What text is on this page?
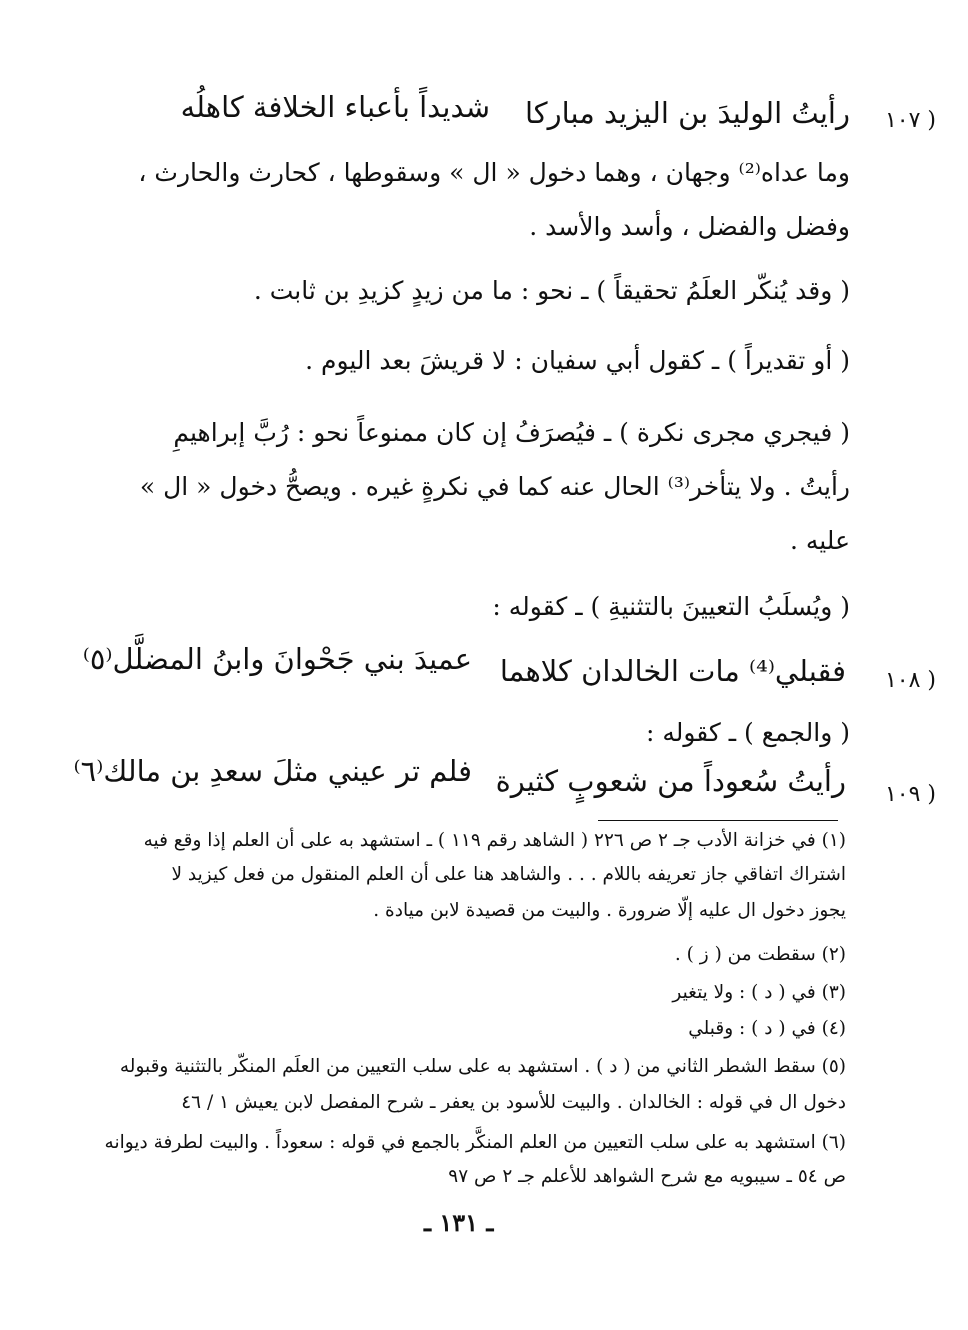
( ١٠٧
رأيتُ الوليدَ بن اليزيد مباركا
شديداً بأعباء الخلافة كاهلُه
وما عداه⁽²⁾ وجهان ، وهما دخول « ال » وسقوطها ، كحارث والحارث ،
وفضل والفضل ، وأسد والأسد .
( وقد يُنكّر العلَمُ تحقيقاً ) ـ نحو : ما من زيدٍ كزيدِ بن ثابت .
( أو تقديراً ) ـ كقول أبي سفيان : لا قريشَ بعد اليوم .
( فيجري مجرى نكرة ) ـ فيُصرَفُ إن كان ممنوعاً نحو : رُبَّ إبراهيمِ
رأيتُ . ولا يتأخر⁽³⁾ الحال عنه كما في نكرةٍ غيره . ويصحُّ دخول « ال »
عليه .
( ويُسلَبُ التعيينَ بالتثنيةِ ) ـ كقوله :
( ١٠٨
فقبلي⁽⁴⁾ مات الخالدان كلاهما
عميدَ بني جَحْوانَ وابنُ المضلَّل⁽٥⁾
( والجمع ) ـ كقوله :
( ١٠٩
رأيتُ سُعوداً من شعوبٍ كثيرة
فلم تر عيني مثلَ سعدِ بن مالك⁽٦⁾
(١) في خزانة الأدب جـ ٢ ص ٢٢٦ ( الشاهد رقم ١١٩ ) ـ استشهد به على أن العلم إذا وقع فيه
اشتراك اتفاقي جاز تعريفه باللام . . . والشاهد هنا على أن العلم المنقول من فعل كيزيد لا
يجوز دخول ال عليه إلّا ضرورة . والبيت من قصيدة لابن ميادة .
(٢) سقطت من ( ز ) .
(٣) في ( د ) : ولا يتغير
(٤) في ( د ) : وقبلي
(٥) سقط الشطر الثاني من ( د ) . استشهد به على سلب التعيين من العلَم المنكّر بالتثنية وقبوله
دخول ال في قوله : الخالدان . والبيت للأسود بن يعفر ـ شرح المفصل لابن يعيش ١ / ٤٦
(٦) استشهد به على سلب التعيين من العلم المنكَّر بالجمع في قوله : سعوداً . والبيت لطرفة ديوانه
ص ٥٤ ـ سيبويه مع شرح الشواهد للأعلم جـ ٢ ص ٩٧
ـ ١٣١ ـ
